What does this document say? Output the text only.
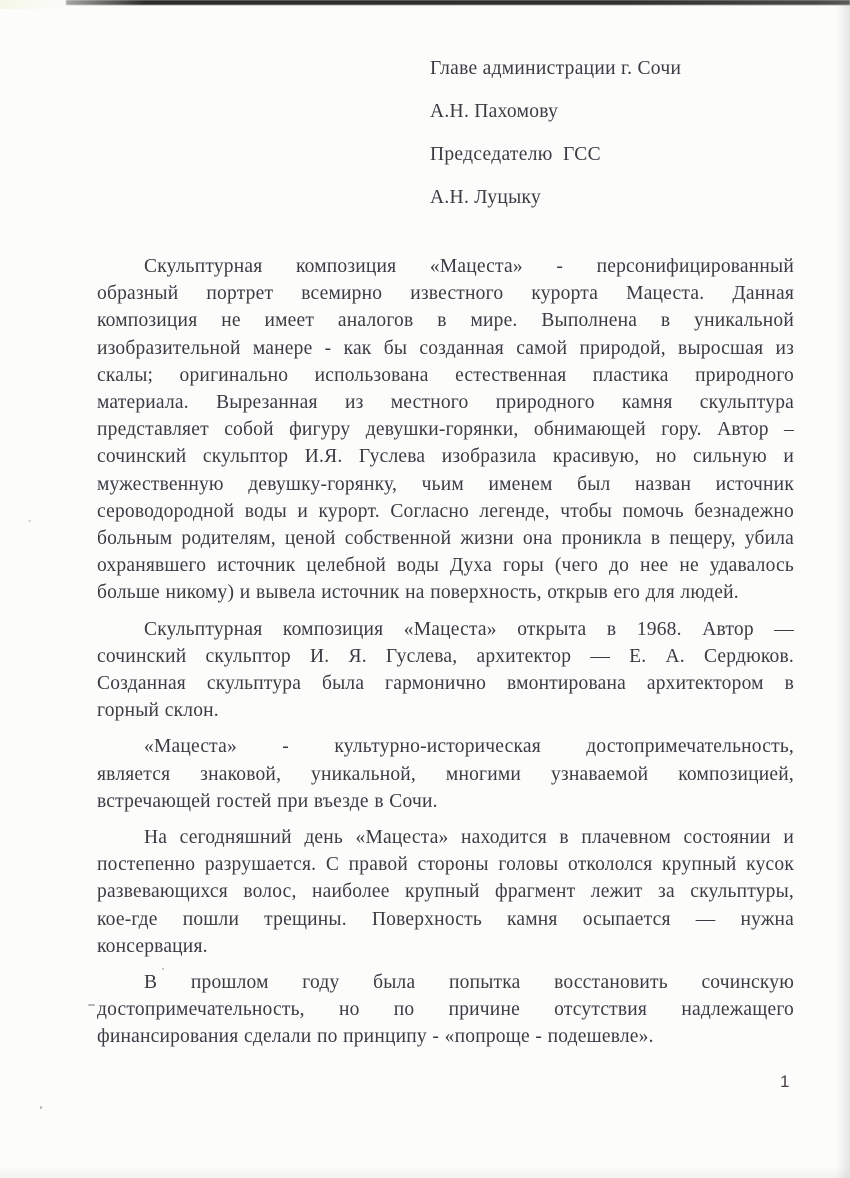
Главе администрации г. Сочи
А.Н. Пахомову
Председателю  ГСС
А.Н. Луцыку
Скульптурная композиция «Мацеста» - персонифицированный
образный портрет всемирно известного курорта Мацеста. Данная
композиция не имеет аналогов в мире. Выполнена в уникальной
изобразительной манере - как бы созданная самой природой, выросшая из
скалы; оригинально использована естественная пластика природного
материала. Вырезанная из местного природного камня скульптура
представляет собой фигуру девушки-горянки, обнимающей гору. Автор –
сочинский скульптор И.Я. Гуслева изобразила красивую, но сильную и
мужественную девушку-горянку, чьим именем был назван источник
сероводородной воды и курорт. Согласно легенде, чтобы помочь безнадежно
больным родителям, ценой собственной жизни она проникла в пещеру, убила
охранявшего источник целебной воды Духа горы (чего до нее не удавалось
больше никому) и вывела источник на поверхность, открыв его для людей.
Скульптурная композиция «Мацеста» открыта в 1968. Автор —
сочинский скульптор И. Я. Гуслева, архитектор — Е. А. Сердюков.
Созданная скульптура была гармонично вмонтирована архитектором в
горный склон.
«Мацеста» - культурно-историческая достопримечательность,
является знаковой, уникальной, многими узнаваемой композицией,
встречающей гостей при въезде в Сочи.
На сегодняшний день «Мацеста» находится в плачевном состоянии и
постепенно разрушается. С правой стороны головы откололся крупный кусок
развевающихся волос, наиболее крупный фрагмент лежит за скульптуры,
кое-где пошли трещины. Поверхность камня осыпается — нужна
консервация.
В прошлом году была попытка восстановить сочинскую
достопримечательность, но по причине отсутствия надлежащего
финансирования сделали по принципу - «попроще - подешевле».
1
